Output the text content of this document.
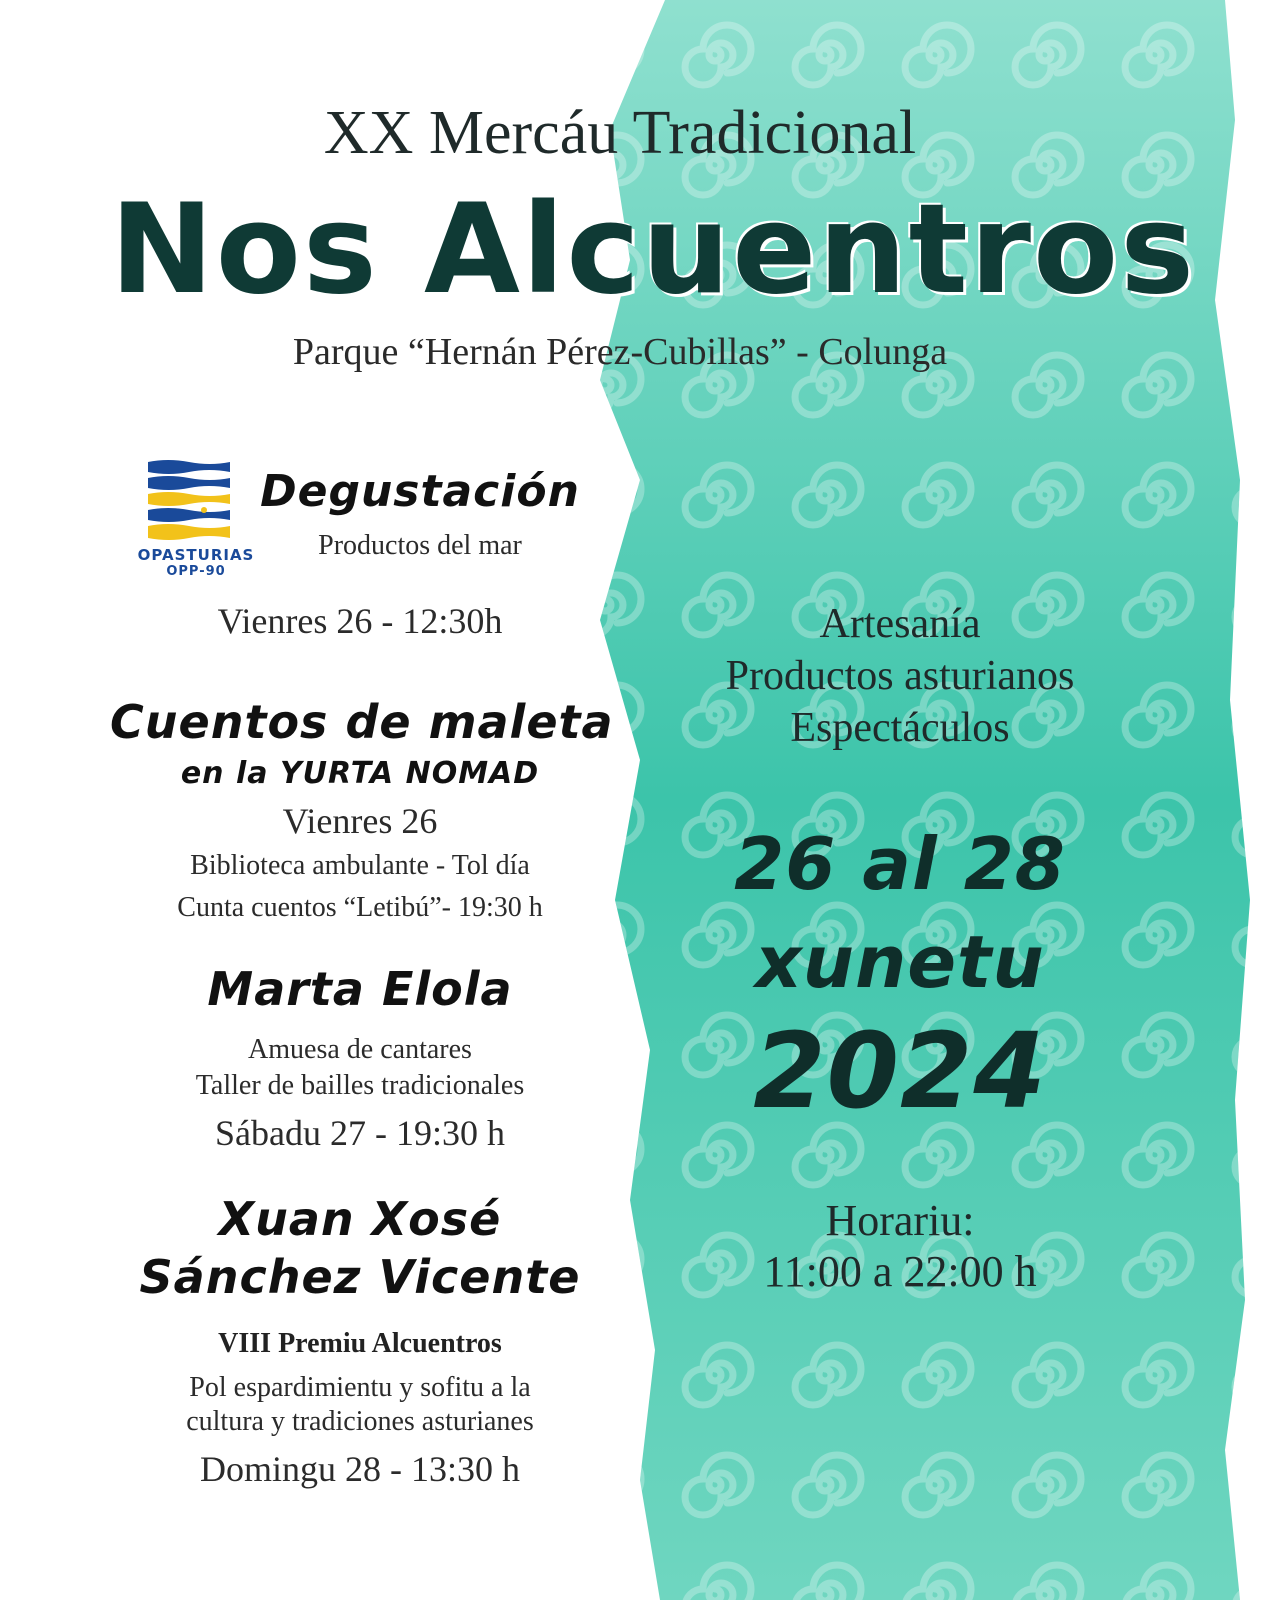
XX Mercáu Tradicional
Nos Alcuentros
Parque “Hernán Pérez-Cubillas” - Colunga
OPASTURIAS
OPP-90
Degustación
Productos del mar
Vienres 26 - 12:30h
Cuentos de maleta
en la YURTA NOMAD
Vienres 26
Biblioteca ambulante - Tol día
Cunta cuentos “Letibú”- 19:30 h
Marta Elola
Amuesa de cantares
Taller de bailles tradicionales
Sábadu 27 - 19:30 h
Xuan Xosé
Sánchez Vicente
VIII Premiu Alcuentros
Pol espardimientu y sofitu a la
cultura y tradiciones asturianes
Domingu 28 - 13:30 h
Artesanía
Productos asturianos
Espectáculos
26 al 28
xunetu
2024
Horariu:
11:00 a 22:00 h
